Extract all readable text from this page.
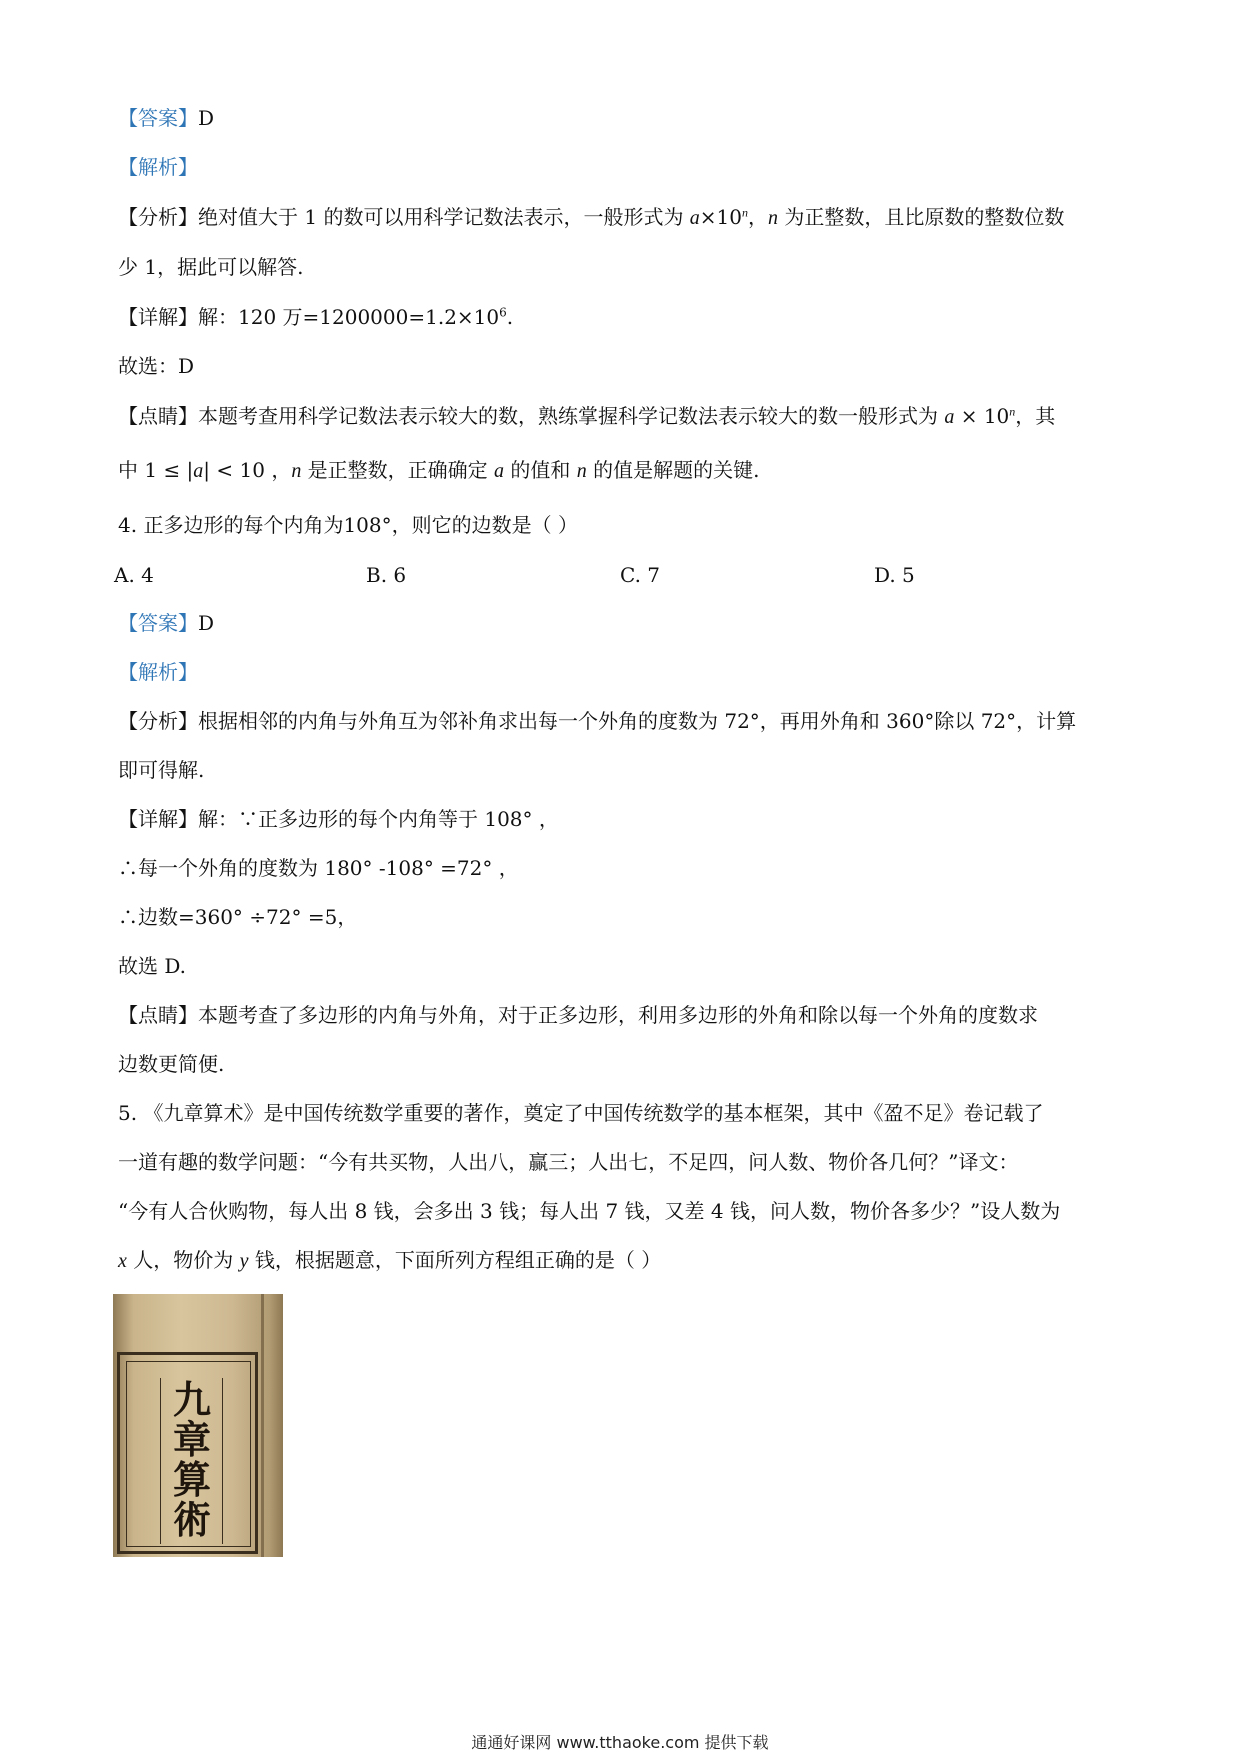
【答案】D
【解析】
【分析】绝对值大于 1 的数可以用科学记数法表示，一般形式为 $a\times 10^n$，n 为正整数，且比原数的整数位数
少 1，据此可以解答.
【详解】解：120 万$=1200000=1.2\times 10^6$.
故选：D
【点睛】本题考查用科学记数法表示较大的数，熟练掌握科学记数法表示较大的数一般形式为 $a \times 10^n$，其
中 1 ≤ |a| < 10 ，n 是正整数，正确确定 a 的值和 n 的值是解题的关键.
4. 正多边形的每个内角为108°，则它的边数是（ ）
A. 4	B. 6	C. 7	D. 5
【答案】D
【解析】
【分析】根据相邻的内角与外角互为邻补角求出每一个外角的度数为 72°，再用外角和 360°除以 72°，计算
即可得解.
【详解】解：∵正多边形的每个内角等于 108° ，
∴每一个外角的度数为 180° -108° =72° ，
∴边数=360° ÷72° =5，
故选 D.
【点睛】本题考查了多边形的内角与外角，对于正多边形，利用多边形的外角和除以每一个外角的度数求
边数更简便.
5. 《九章算术》是中国传统数学重要的著作，奠定了中国传统数学的基本框架，其中《盈不足》卷记载了
一道有趣的数学问题：“今有共买物，人出八，赢三；人出七，不足四，问人数、物价各几何？”译文：
“今有人合伙购物，每人出 8 钱，会多出 3 钱；每人出 7 钱，又差 4 钱，问人数，物价各多少？”设人数为
x 人，物价为 y 钱，根据题意，下面所列方程组正确的是（ ）
九
章
算
術
通通好课网 www.tthaoke.com 提供下载
